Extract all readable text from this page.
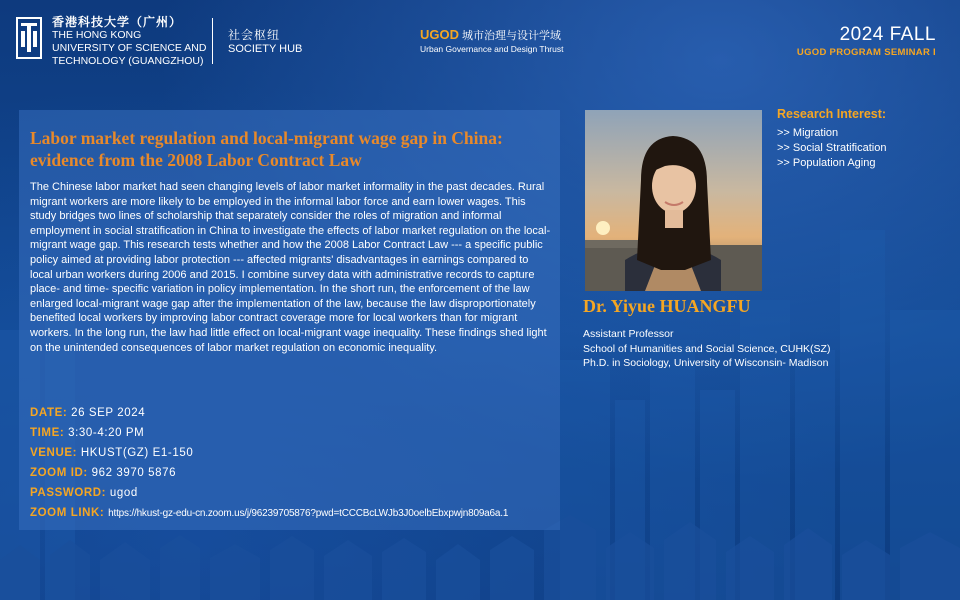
香港科技大学（广州）
THE HONG KONG
UNIVERSITY OF SCIENCE AND
TECHNOLOGY (GUANGZHOU)
社会枢纽
SOCIETY HUB
UGOD 城市治理与设计学域
Urban Governance and Design Thrust
2024 FALL
UGOD PROGRAM SEMINAR I
Labor market regulation and local-migrant wage gap in China: evidence from the 2008 Labor Contract Law

The Chinese labor market had seen changing levels of labor market informality in the past decades. Rural migrant workers are more likely to be employed in the informal labor force and earn lower wages. This study bridges two lines of scholarship that separately consider the roles of migration and informal employment in social stratification in China to investigate the effects of labor market regulation on the local-migrant wage gap. This research tests whether and how the 2008 Labor Contract Law --- a specific public policy aimed at providing labor protection --- affected migrants' disadvantages in earnings compared to local urban workers during 2006 and 2015. I combine survey data with administrative records to capture place- and time- specific variation in policy implementation. In the short run, the enforcement of the law enlarged local-migrant wage gap after the implementation of the law, because the law disproportionately benefited local workers by improving labor contract coverage more for local workers than for migrant workers. In the long run, the law had little effect on local-migrant wage inequality. These findings shed light on the unintended consequences of labor market regulation on economic inequality.

DATE: 26 SEP 2024
TIME: 3:30-4:20 PM
VENUE: HKUST(GZ) E1-150
ZOOM ID: 962 3970 5876
PASSWORD: ugod
ZOOM LINK: https://hkust-gz-edu-cn.zoom.us/j/96239705876?pwd=tCCCBcLWJb3J0oelbEbxpwjn809a6a.1
Dr. Yiyue HUANGFU
Assistant Professor
School of Humanities and Social Science, CUHK(SZ)
Ph.D. in Sociology, University of Wisconsin- Madison
Research Interest:
>> Migration
>> Social Stratification
>> Population Aging
